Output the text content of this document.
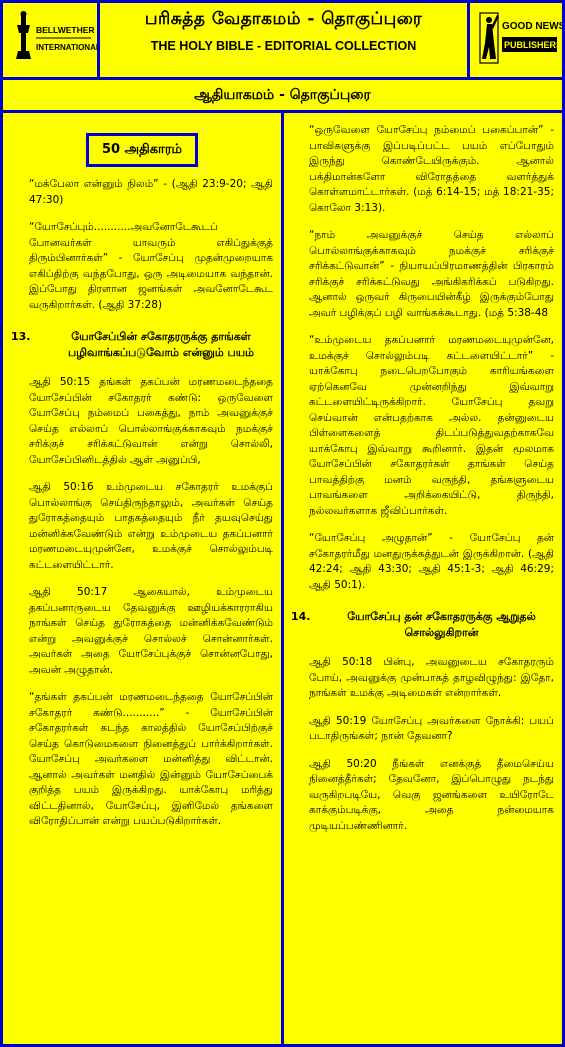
BELLWETHER
INTERNATIONAL
பரிசுத்த வேதாகமம் - தொகுப்புரை
THE HOLY BIBLE - EDITORIAL COLLECTION
GOOD NEWS
PUBLISHERS
ஆதியாகமம் - தொகுப்புரை
50 அதிகாரம்

“மக்பேலா என்னும் நிலம்” - (ஆதி 23:9-20; ஆதி 47:30)

“யோசேப்பும்...........அவனோடேகூடப் போனவர்கள் யாவரும் எகிப்துக்குத் திரும்பினார்கள்” - யோசேப்பு முதன்முறையாக எகிப்திற்கு வந்தபோது, ஒரு அடிமையாக வந்தான். இப்போது திரளான ஜனங்கள் அவனோடேகூட வருகிறார்கள். (ஆதி 37:28)

13.	யோசேப்பின் சகோதரருக்கு தாங்கள் பழிவாங்கப்படுவோம் என்னும் பயம்

ஆதி 50:15 தங்கள் தகப்பன் மரணமடைந்ததை யோசேப்பின் சகோதரர் கண்டு: ஒருவேளை யோசேப்பு நம்மைப் பகைத்து, நாம் அவனுக்குச் செய்த எல்லாப் பொல்லாங்குக்காகவும் நமக்குச் சரிக்குச் சரிக்கட்டுவான் என்று சொல்லி, யோசேப்பினிடத்தில் ஆள் அனுப்பி,

ஆதி 50:16 உம்முடைய சகோதரர் உமக்குப் பொல்லாங்கு செய்திருந்தாலும், அவர்கள் செய்த துரோகத்தையும் பாதகத்தையும் நீர் தயவுசெய்து மன்னிக்கவேண்டும் என்று உம்முடைய தகப்பனார் மரணமடையுமுன்னே, உமக்குச் சொல்லும்படி கட்டளையிட்டார்.

ஆதி 50:17 ஆகையால், உம்முடைய தகப்பனாருடைய தேவனுக்கு ஊழியக்காரராகிய நாங்கள் செய்த துரோகத்தை மன்னிக்கவேண்டும் என்று அவனுக்குச் சொல்லச் சொன்னார்கள். அவர்கள் அதை யோசேப்புக்குச் சொன்னபோது, அவன் அழுதான்.

“தங்கள் தகப்பன் மரணமடைந்ததை யோசேப்பின் சகோதரர் கண்டு...........” - யோசேப்பின் சகோதரர்கள் கடந்த காலத்தில் யோசேப்பிற்குச் செய்த கொடுமைகளை நினைத்துப் பார்க்கிறார்கள். யோசேப்பு அவர்களை மன்னித்து விட்டான். ஆனால் அவர்கள் மனதில் இன்னும் யோசேப்பைக் குறித்த பயம் இருக்கிறது. யாக்கோபு மரித்து விட்டதினால், யோசேப்பு, இனிமேல் தங்களை விரோதிப்பான் என்று பயப்படுகிறார்கள்.

“ஒருவேளை யோசேப்பு நம்மைப் பகைப்பான்” - பாவிகளுக்கு இப்படிப்பட்ட பயம் எப்போதும் இருந்து கொண்டேயிருக்கும். ஆனால் பக்திமான்களோ விரோதத்தை வளர்த்துக் கொள்ளமாட்டார்கள். (மத் 6:14-15; மத் 18:21-35; கொலோ 3:13).

“நாம் அவனுக்குச் செய்த எல்லாப் பொல்லாங்குக்காகவும் நமக்குச் சரிக்குச் சரிக்கட்டுவான்” - நியாயப்பிரமாணத்தின் பிரகாரம் சரிக்குச் சரிக்கட்டுவது அங்கிகரிக்கப் படுகிறது. ஆனால் ஒருவர் கிருபையின்கீழ் இருக்கும்போது அவர் பழிக்குப் பழி வாங்கக்கூடாது. (மத் 5:38-48

“உம்முடைய தகப்பனார் மரணமடையுமுன்னே, உமக்குச் சொல்லும்படி கட்டளையிட்டார்” - யாக்கோபு நடைபெறபோகும் காரியங்களை ஏற்கெனவே முன்னறிந்து இவ்வாறு கட்டளையிட்டிருக்கிறார். யோசேப்பு தவறு செய்வான் என்பதற்காக அல்ல. தன்னுடைய பிள்ளைகளைத் திடப்படுத்துவதற்காகவே யாக்கோபு இவ்வாறு கூறினார். இதன் மூலமாக யோசேப்பின் சகோதரர்கள் தாங்கள் செய்த பாவத்திற்கு மனம் வருந்தி, தங்களுடைய பாவங்களை அறிக்கையிட்டு, திருந்தி, நல்லவர்களாக ஜீவிப்பார்கள்.

“யோசேப்பு அழுதான்” - யோசேப்பு தன் சகோதரர்மீது மனதுருக்கத்துடன் இருக்கிறான். (ஆதி 42:24; ஆதி 43:30; ஆதி 45:1-3; ஆதி 46:29; ஆதி 50:1).

14.	யோசேப்பு தன் சகோதரருக்கு ஆறுதல் சொல்லுகிறான்

ஆதி 50:18 பின்பு, அவனுடைய சகோதரரும் போய், அவனுக்கு முன்பாகத் தாழவிழுந்து: இதோ, நாங்கள் உமக்கு அடிமைகள் என்றார்கள்.

ஆதி 50:19 யோசேப்பு அவர்களை நோக்கி: பயப் படாதிருங்கள்; நான் தேவனா?

ஆதி 50:20 நீங்கள் எனக்குத் தீமைசெய்ய நினைத்தீர்கள்; தேவனோ, இப்பொழுது நடந்து வருகிறபடியே, வெகு ஜனங்களை உயிரோடே காக்கும்படிக்கு, அதை நன்மையாக முடியப்பண்ணினார்.
